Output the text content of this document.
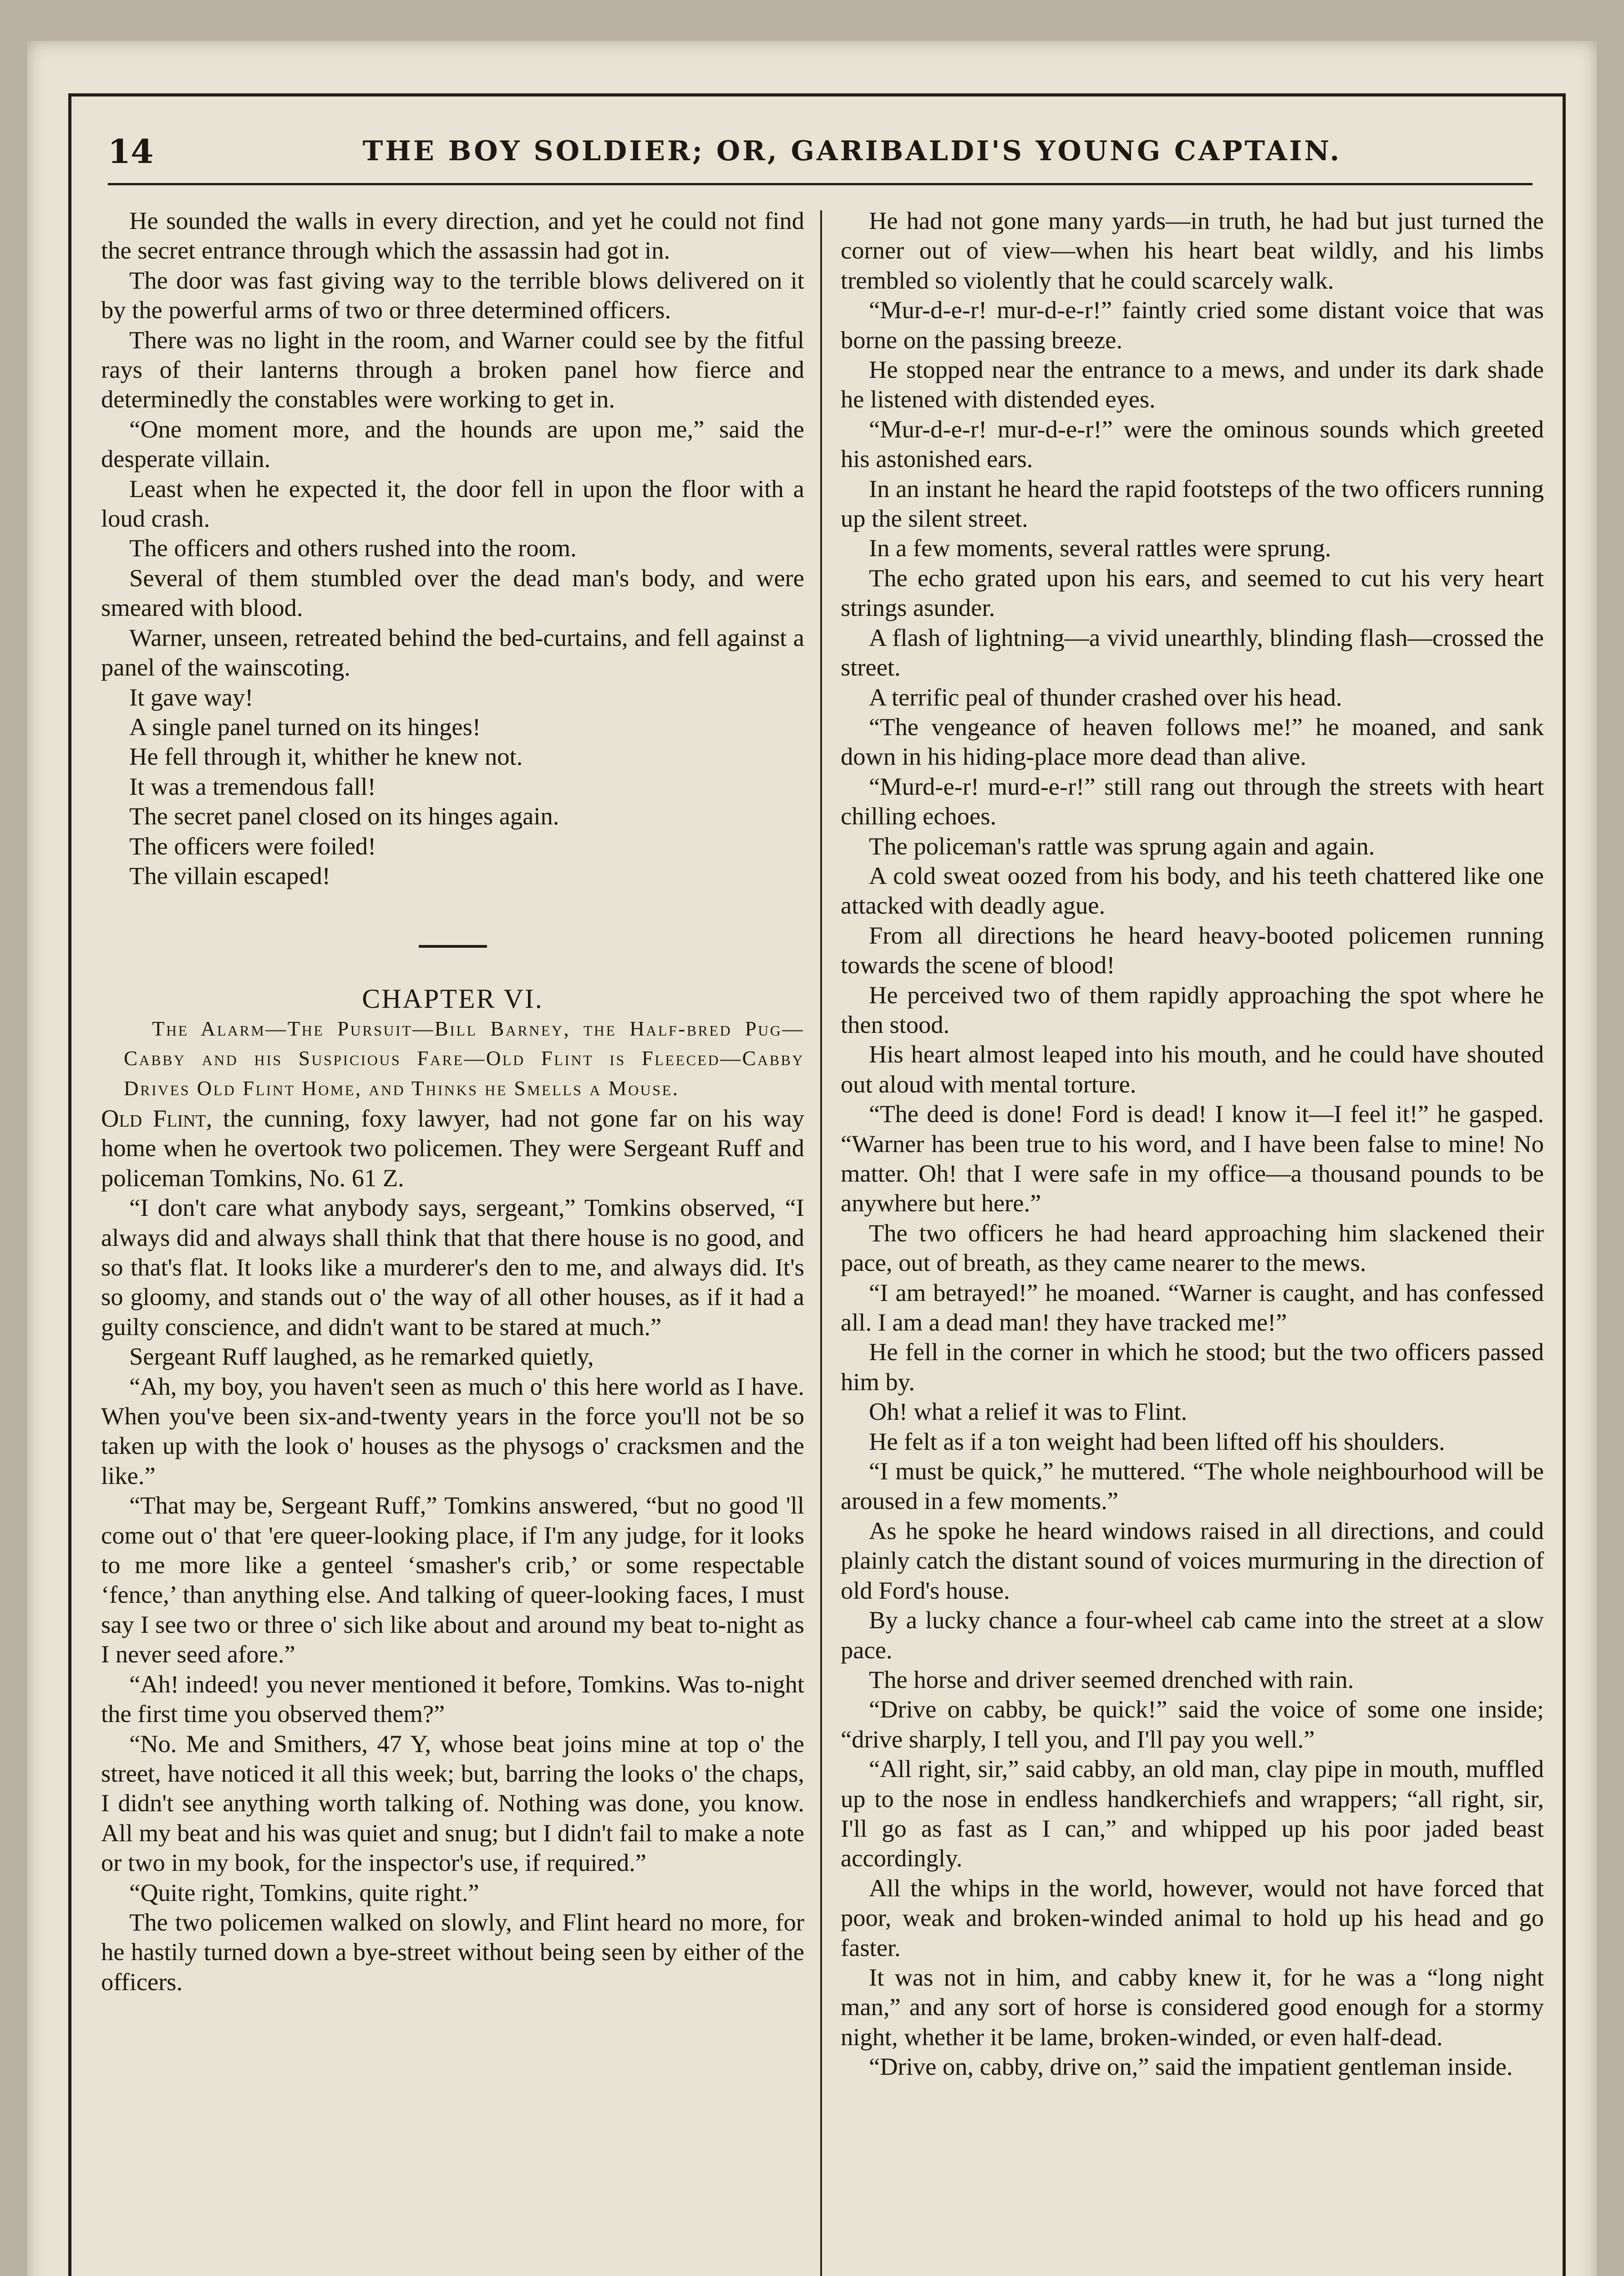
14	THE BOY SOLDIER; OR, GARIBALDI'S YOUNG CAPTAIN.

He sounded the walls in every direction, and yet he could not find the secret entrance through which the assassin had got in.

The door was fast giving way to the terrible blows delivered on it by the powerful arms of two or three determined officers.

There was no light in the room, and Warner could see by the fitful rays of their lanterns through a broken panel how fierce and determinedly the constables were working to get in.

“One moment more, and the hounds are upon me,” said the desperate villain.

Least when he expected it, the door fell in upon the floor with a loud crash.

The officers and others rushed into the room.

Several of them stumbled over the dead man's body, and were smeared with blood.

Warner, unseen, retreated behind the bed-curtains, and fell against a panel of the wainscoting.

It gave way!

A single panel turned on its hinges!

He fell through it, whither he knew not.

It was a tremendous fall!

The secret panel closed on its hinges again.

The officers were foiled!

The villain escaped!

CHAPTER VI.

The Alarm—The Pursuit—Bill Barney, the Half-bred Pug—Cabby and his Suspicious Fare—Old Flint is Fleeced—Cabby Drives Old Flint Home, and Thinks he Smells a Mouse.

Old Flint, the cunning, foxy lawyer, had not gone far on his way home when he overtook two policemen. They were Sergeant Ruff and policeman Tomkins, No. 61 Z.

“I don't care what anybody says, sergeant,” Tomkins observed, “I always did and always shall think that that there house is no good, and so that's flat. It looks like a murderer's den to me, and always did. It's so gloomy, and stands out o' the way of all other houses, as if it had a guilty conscience, and didn't want to be stared at much.”

Sergeant Ruff laughed, as he remarked quietly,

“Ah, my boy, you haven't seen as much o' this here world as I have. When you've been six-and-twenty years in the force you'll not be so taken up with the look o' houses as the physogs o' cracksmen and the like.”

“That may be, Sergeant Ruff,” Tomkins answered, “but no good 'll come out o' that 'ere queer-looking place, if I'm any judge, for it looks to me more like a genteel ‘smasher's crib,’ or some respectable ‘fence,’ than anything else. And talking of queer-looking faces, I must say I see two or three o' sich like about and around my beat to-night as I never seed afore.”

“Ah! indeed! you never mentioned it before, Tomkins. Was to-night the first time you observed them?”

“No. Me and Smithers, 47 Y, whose beat joins mine at top o' the street, have noticed it all this week; but, barring the looks o' the chaps, I didn't see anything worth talking of. Nothing was done, you know. All my beat and his was quiet and snug; but I didn't fail to make a note or two in my book, for the inspector's use, if required.”

“Quite right, Tomkins, quite right.”

The two policemen walked on slowly, and Flint heard no more, for he hastily turned down a bye-street without being seen by either of the officers.

He had not gone many yards—in truth, he had but just turned the corner out of view—when his heart beat wildly, and his limbs trembled so violently that he could scarcely walk.

“Mur-d-e-r! mur-d-e-r!” faintly cried some distant voice that was borne on the passing breeze.

He stopped near the entrance to a mews, and under its dark shade he listened with distended eyes.

“Mur-d-e-r! mur-d-e-r!” were the ominous sounds which greeted his astonished ears.

In an instant he heard the rapid footsteps of the two officers running up the silent street.

In a few moments, several rattles were sprung.

The echo grated upon his ears, and seemed to cut his very heart strings asunder.

A flash of lightning—a vivid unearthly, blinding flash—crossed the street.

A terrific peal of thunder crashed over his head.

“The vengeance of heaven follows me!” he moaned, and sank down in his hiding-place more dead than alive.

“Murd-e-r! murd-e-r!” still rang out through the streets with heart chilling echoes.

The policeman's rattle was sprung again and again.

A cold sweat oozed from his body, and his teeth chattered like one attacked with deadly ague.

From all directions he heard heavy-booted policemen running towards the scene of blood!

He perceived two of them rapidly approaching the spot where he then stood.

His heart almost leaped into his mouth, and he could have shouted out aloud with mental torture.

“The deed is done! Ford is dead! I know it—I feel it!” he gasped. “Warner has been true to his word, and I have been false to mine! No matter. Oh! that I were safe in my office—a thousand pounds to be anywhere but here.”

The two officers he had heard approaching him slackened their pace, out of breath, as they came nearer to the mews.

“I am betrayed!” he moaned. “Warner is caught, and has confessed all. I am a dead man! they have tracked me!”

He fell in the corner in which he stood; but the two officers passed him by.

Oh! what a relief it was to Flint.

He felt as if a ton weight had been lifted off his shoulders.

“I must be quick,” he muttered. “The whole neighbourhood will be aroused in a few moments.”

As he spoke he heard windows raised in all directions, and could plainly catch the distant sound of voices murmuring in the direction of old Ford's house.

By a lucky chance a four-wheel cab came into the street at a slow pace.

The horse and driver seemed drenched with rain.

“Drive on cabby, be quick!” said the voice of some one inside; “drive sharply, I tell you, and I'll pay you well.”

“All right, sir,” said cabby, an old man, clay pipe in mouth, muffled up to the nose in endless handkerchiefs and wrappers; “all right, sir, I'll go as fast as I can,” and whipped up his poor jaded beast accordingly.

All the whips in the world, however, would not have forced that poor, weak and broken-winded animal to hold up his head and go faster.

It was not in him, and cabby knew it, for he was a “long night man,” and any sort of horse is considered good enough for a stormy night, whether it be lame, broken-winded, or even half-dead.

“Drive on, cabby, drive on,” said the impatient gentleman inside.
